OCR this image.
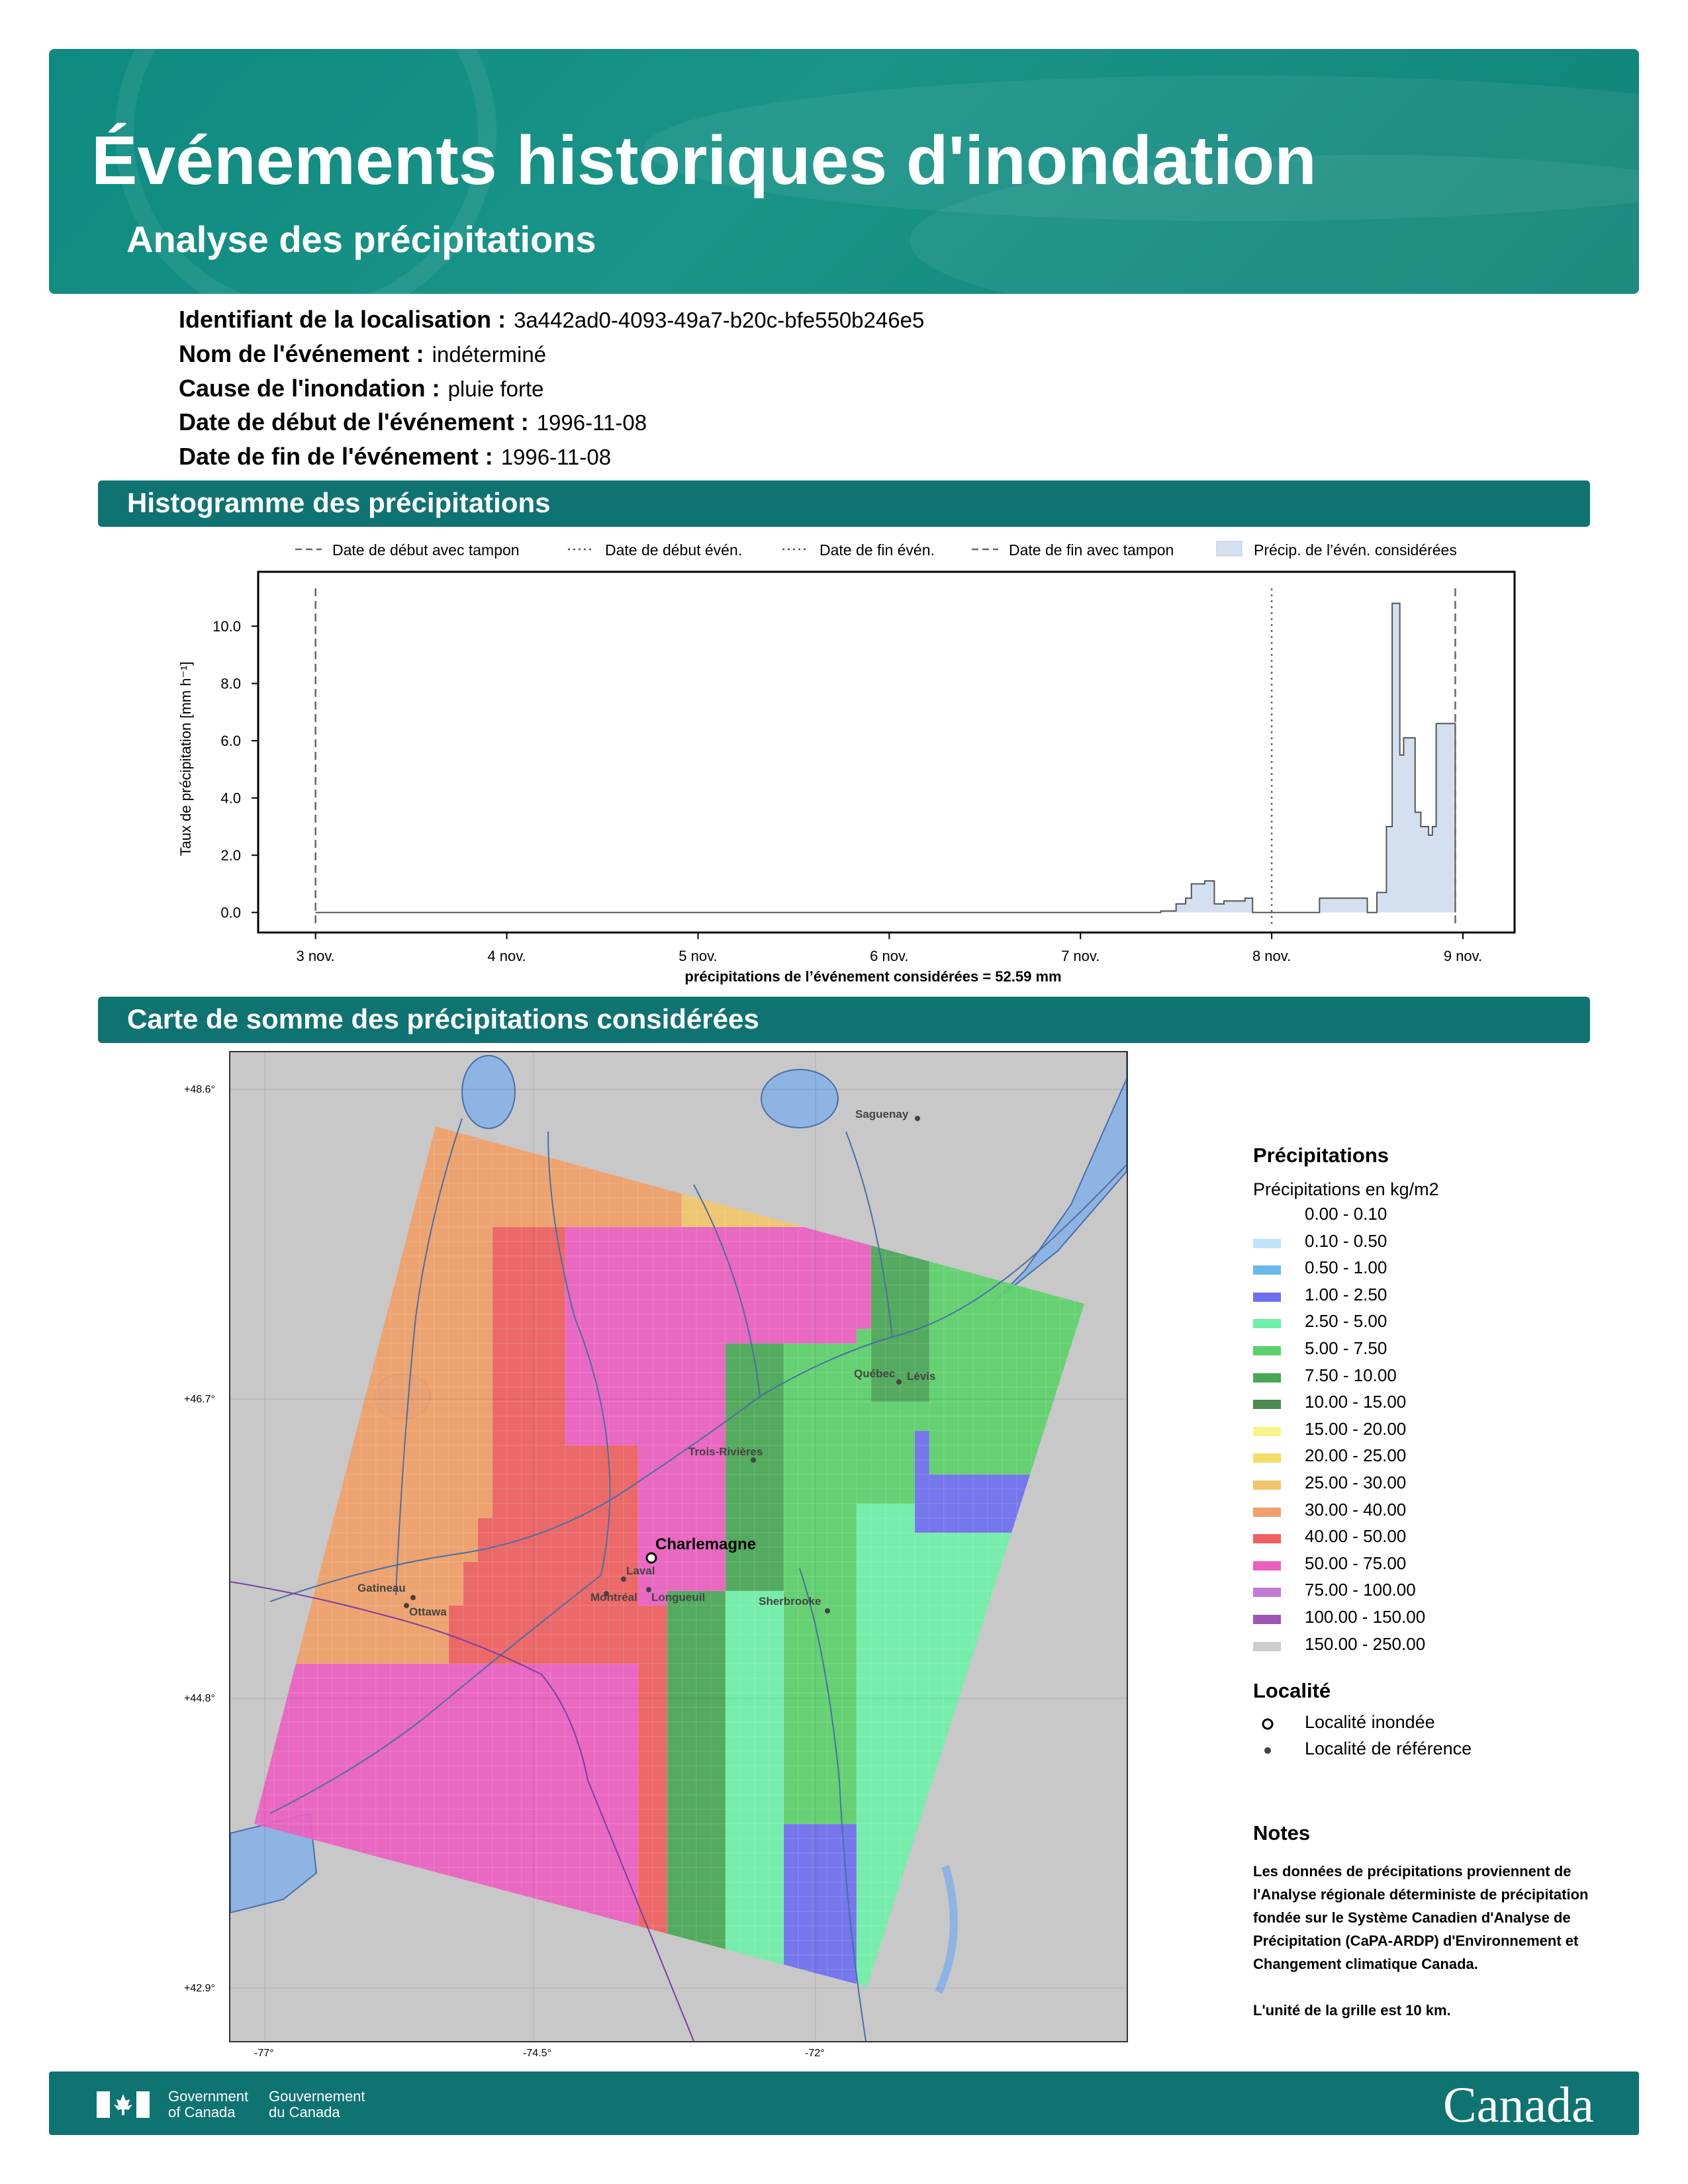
Événements historiques d'inondation
Analyse des précipitations
Identifiant de la localisation : 3a442ad0-4093-49a7-b20c-bfe550b246e5
Nom de l'événement : indéterminé
Cause de l'inondation : pluie forte
Date de début de l'événement : 1996-11-08
Date de fin de l'événement : 1996-11-08
Histogramme des précipitations
Date de début avec tampon	Date de début évén.	Date de fin évén.	Date de fin avec tampon	Précip. de l’évén. considérées
0.0
2.0
4.0
6.0
8.0
10.0
3 nov.	4 nov.	5 nov.	6 nov.	7 nov.	8 nov.	9 nov.
précipitations de l’événement considérées = 52.59 mm
Taux de précipitation [mm h⁻¹]
Carte de somme des précipitations considérées
+48.6°
+46.7°
+44.8°
+42.9°
-77°	-74.5°	-72°
Saguenay
Québec Lévis
Trois-Rivières
Charlemagne
Laval
Montréal Longueuil	Sherbrooke
Gatineau
Ottawa
Précipitations
Précipitations en kg/m2
0.00 - 0.10
0.10 - 0.50
0.50 - 1.00
1.00 - 2.50
2.50 - 5.00
5.00 - 7.50
7.50 - 10.00
10.00 - 15.00
15.00 - 20.00
20.00 - 25.00
25.00 - 30.00
30.00 - 40.00
40.00 - 50.00
50.00 - 75.00
75.00 - 100.00
100.00 - 150.00
150.00 - 250.00
Localité
Localité inondée
Localité de référence
Notes

Les données de précipitations proviennent de l'Analyse régionale déterministe de précipitation fondée sur le Système Canadien d'Analyse de Précipitation (CaPA-ARDP) d'Environnement et Changement climatique Canada.

L'unité de la grille est 10 km.

Government
of Canada
Gouvernement
du Canada	Canada
